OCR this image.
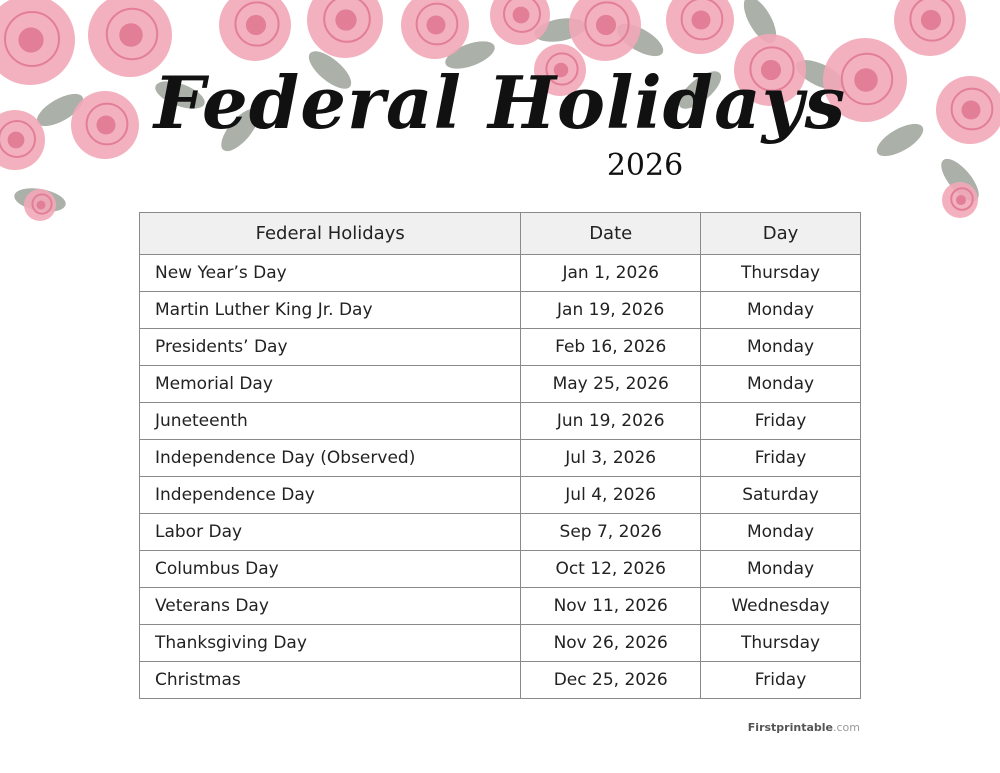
Federal Holidays
2026
Federal Holidays	Date	Day
New Year’s Day	Jan 1, 2026	Thursday
Martin Luther King Jr. Day	Jan 19, 2026	Monday
Presidents’ Day	Feb 16, 2026	Monday
Memorial Day	May 25, 2026	Monday
Juneteenth	Jun 19, 2026	Friday
Independence Day (Observed)	Jul 3, 2026	Friday
Independence Day	Jul 4, 2026	Saturday
Labor Day	Sep 7, 2026	Monday
Columbus Day	Oct 12, 2026	Monday
Veterans Day	Nov 11, 2026	Wednesday
Thanksgiving Day	Nov 26, 2026	Thursday
Christmas	Dec 25, 2026	Friday
Firstprintable.com
